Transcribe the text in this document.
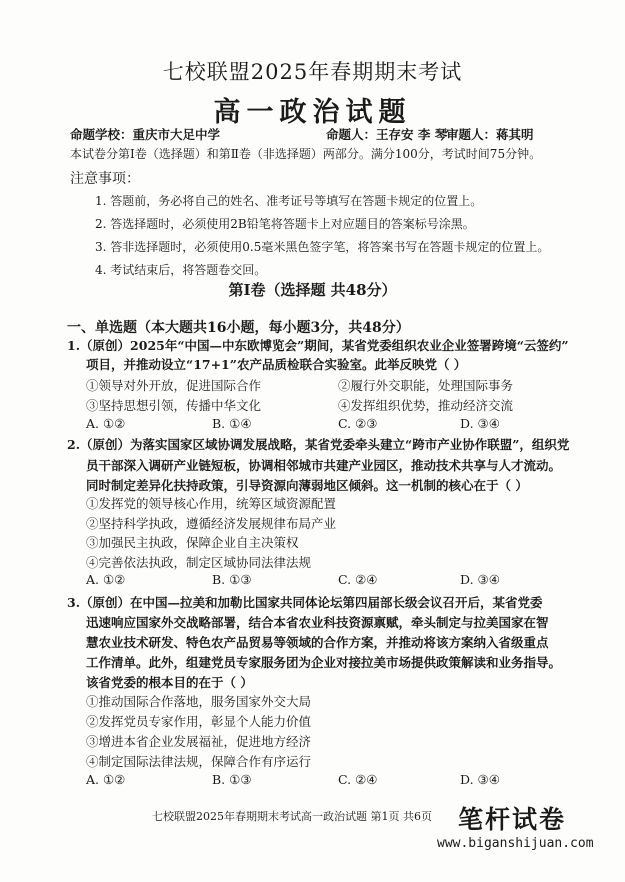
七校联盟2025年春期期末考试
高一政治试题
命题学校：重庆市大足中学	命题人：王存安 李 琴
审题人：蒋其明
本试卷分第Ⅰ卷（选择题）和第Ⅱ卷（非选择题）两部分。满分100分，考试时间75分钟。
注意事项：
1. 答题前，务必将自己的姓名、准考证号等填写在答题卡规定的位置上。
2. 答选择题时，必须使用2B铅笔将答题卡上对应题目的答案标号涂黑。
3. 答非选择题时，必须使用0.5毫米黑色签字笔，将答案书写在答题卡规定的位置上。
4. 考试结束后，将答题卷交回。
第Ⅰ卷（选择题 共48分）
一、单选题（本大题共16小题，每小题3分，共48分）
1.（原创）2025年“中国—中东欧博览会”期间，某省党委组织农业企业签署跨境“云签约”
项目，并推动设立“17+1”农产品质检联合实验室。此举反映党（ ）
①领导对外开放，促进国际合作	②履行外交职能，处理国际事务
③坚持思想引领，传播中华文化	④发挥组织优势，推动经济交流
A. ①②	B. ①④	C. ②③	D. ③④
2.（原创）为落实国家区域协调发展战略，某省党委牵头建立“跨市产业协作联盟”，组织党
员干部深入调研产业链短板，协调相邻城市共建产业园区，推动技术共享与人才流动。
同时制定差异化扶持政策，引导资源向薄弱地区倾斜。这一机制的核心在于（ ）
①发挥党的领导核心作用，统筹区域资源配置
②坚持科学执政，遵循经济发展规律布局产业
③加强民主执政，保障企业自主决策权
④完善依法执政，制定区域协同法律法规
A. ①②	B. ①③	C. ②④	D. ③④
3.（原创）在中国—拉美和加勒比国家共同体论坛第四届部长级会议召开后，某省党委
迅速响应国家外交战略部署，结合本省农业科技资源禀赋，牵头制定与拉美国家在智
慧农业技术研发、特色农产品贸易等领域的合作方案，并推动将该方案纳入省级重点
工作清单。此外，组建党员专家服务团为企业对接拉美市场提供政策解读和业务指导。
该省党委的根本目的在于（ ）
①推动国际合作落地，服务国家外交大局
②发挥党员专家作用，彰显个人能力价值
③增进本省企业发展福祉，促进地方经济
④制定国际法律法规，保障合作有序运行
A. ①②	B. ①③	C. ②④	D. ③④
七校联盟2025年春期期末考试高一政治试题 第1页 共6页 笔杆试卷
www.biganshijuan.com
